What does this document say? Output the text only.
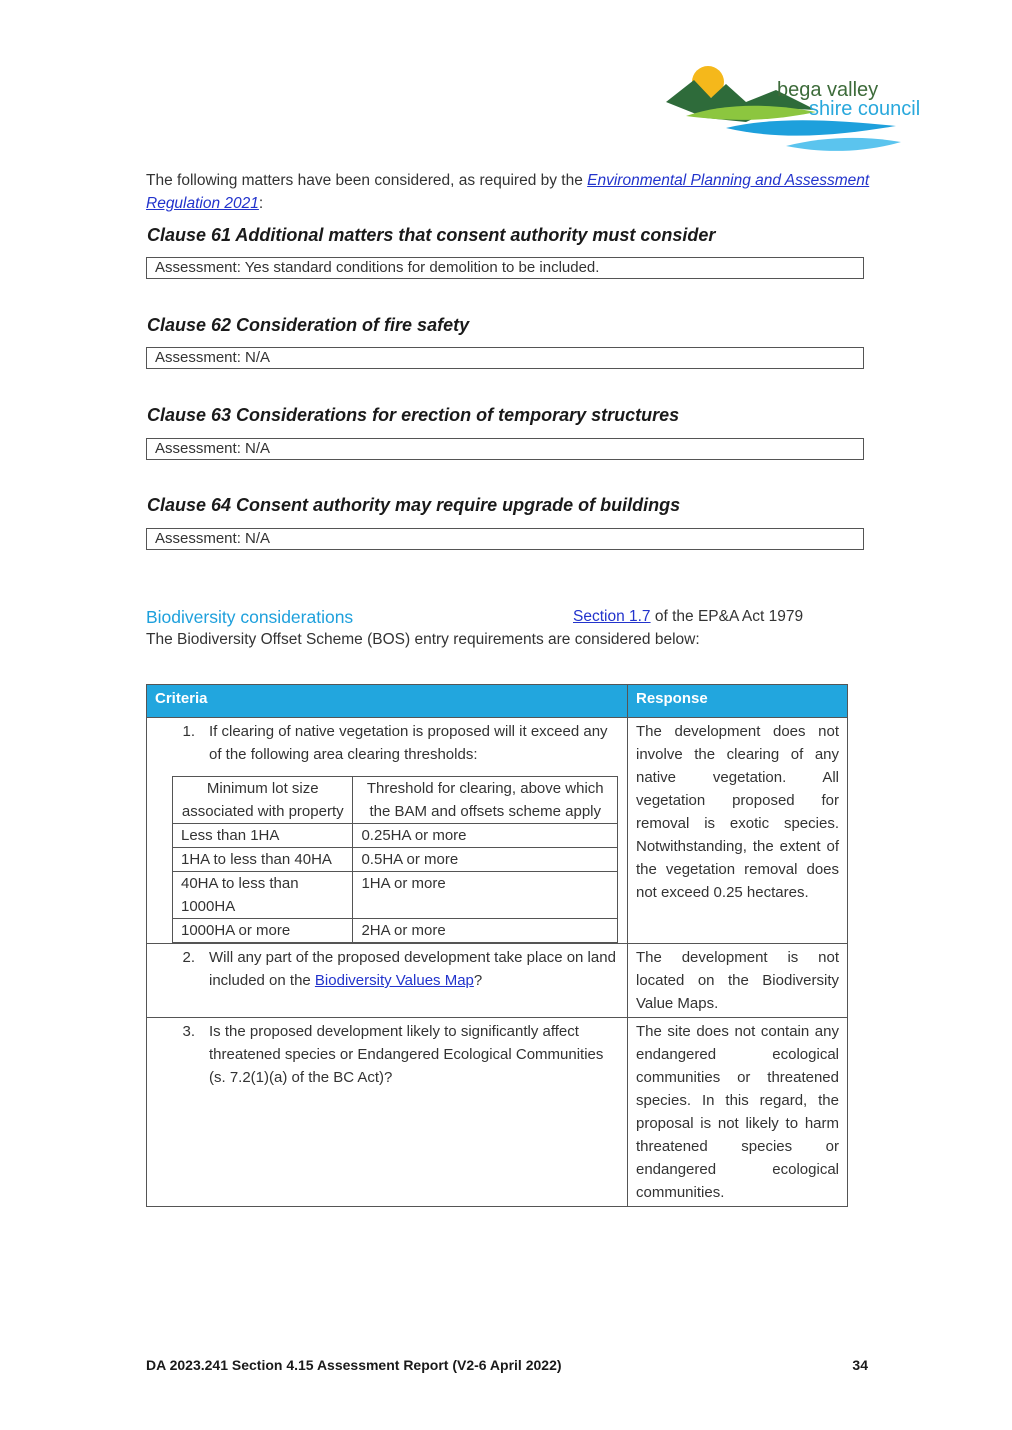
bega valley
shire council
The following matters have been considered, as required by the Environmental Planning and Assessment Regulation 2021:
Clause 61 Additional matters that consent authority must consider
Assessment: Yes standard conditions for demolition to be included.
Clause 62 Consideration of fire safety
Assessment: N/A
Clause 63 Considerations for erection of temporary structures
Assessment: N/A
Clause 64 Consent authority may require upgrade of buildings
Assessment: N/A
Biodiversity considerations	Section 1.7 of the EP&A Act 1979
The Biodiversity Offset Scheme (BOS) entry requirements are considered below:
Criteria	Response

1. If clearing of native vegetation is proposed will it exceed any of the following area clearing thresholds:
Minimum lot size associated with property	Threshold for clearing, above which the BAM and offsets scheme apply
Less than 1HA	0.25HA or more
1HA to less than 40HA	0.5HA or more
40HA to less than 1000HA	1HA or more
1000HA or more	2HA or more
	The development does not involve the clearing of any native vegetation. All vegetation proposed for removal is exotic species. Notwithstanding, the extent of the vegetation removal does not exceed 0.25 hectares.

2. Will any part of the proposed development take place on land included on the Biodiversity Values Map?
	The development is not located on the Biodiversity Value Maps.

3. Is the proposed development likely to significantly affect threatened species or Endangered Ecological Communities
(s. 7.2(1)(a) of the BC Act)?
	The site does not contain any endangered ecological communities or threatened species. In this regard, the proposal is not likely to harm threatened species or endangered ecological communities.
DA 2023.241 Section 4.15 Assessment Report (V2-6 April 2022)	34
